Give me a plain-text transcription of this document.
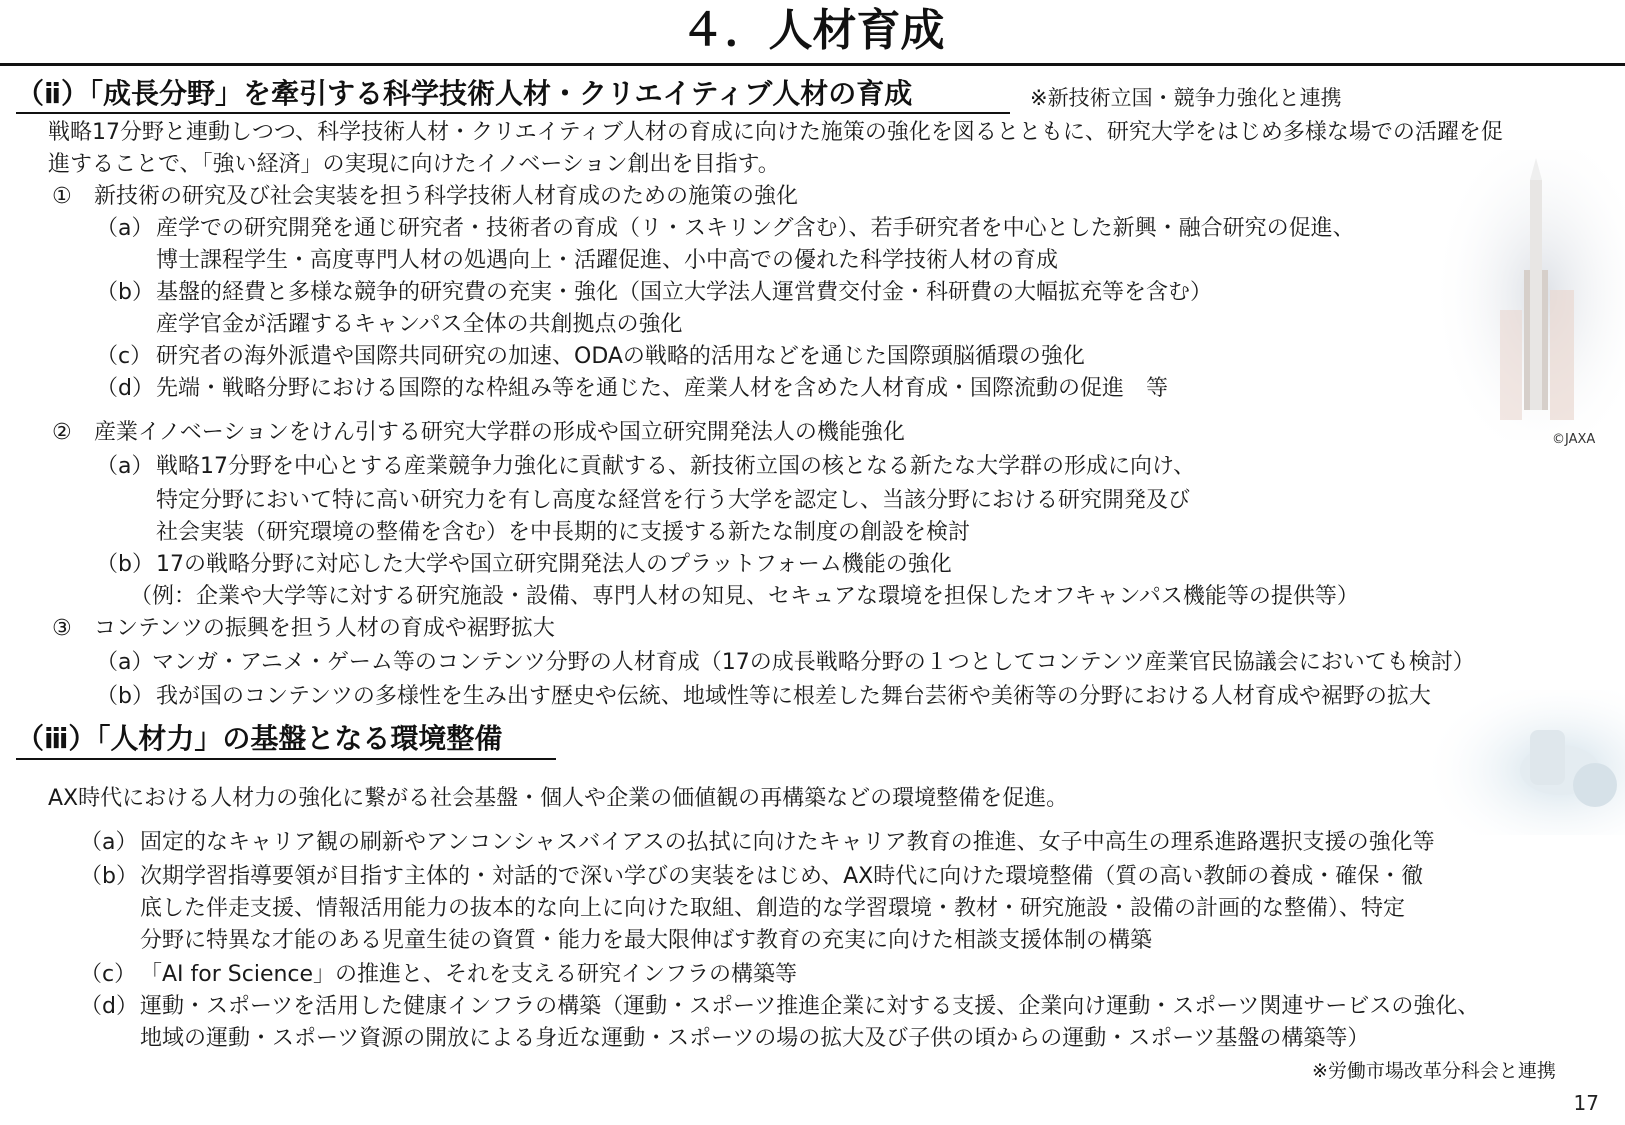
４．人材育成
（ⅱ）「成長分野」を牽引する科学技術人材・クリエイティブ人材の育成	※新技術立国・競争力強化と連携
戦略17分野と連動しつつ、科学技術人材・クリエイティブ人材の育成に向けた施策の強化を図るとともに、研究大学をはじめ多様な場での活躍を促
進することで、「強い経済」の実現に向けたイノベーション創出を目指す。
① 新技術の研究及び社会実装を担う科学技術人材育成のための施策の強化
（a） 産学での研究開発を通じ研究者・技術者の育成（リ・スキリング含む）、若手研究者を中心とした新興・融合研究の促進、
博士課程学生・高度専門人材の処遇向上・活躍促進、小中高での優れた科学技術人材の育成
（b）基盤的経費と多様な競争的研究費の充実・強化（国立大学法人運営費交付金・科研費の大幅拡充等を含む）
産学官金が活躍するキャンパス全体の共創拠点の強化
（c） 研究者の海外派遣や国際共同研究の加速、ODAの戦略的活用などを通じた国際頭脳循環の強化
（d）先端・戦略分野における国際的な枠組み等を通じた、産業人材を含めた人材育成・国際流動の促進　等
② 産業イノベーションをけん引する研究大学群の形成や国立研究開発法人の機能強化	©JAXA
（a） 戦略17分野を中心とする産業競争力強化に貢献する、新技術立国の核となる新たな大学群の形成に向け、
特定分野において特に高い研究力を有し高度な経営を行う大学を認定し、当該分野における研究開発及び
社会実装（研究環境の整備を含む）を中長期的に支援する新たな制度の創設を検討
（b）17の戦略分野に対応した大学や国立研究開発法人のプラットフォーム機能の強化
（例：企業や大学等に対する研究施設・設備、専門人材の知見、セキュアな環境を担保したオフキャンパス機能等の提供等）
③ コンテンツの振興を担う人材の育成や裾野拡大
（a）マンガ・アニメ・ゲーム等のコンテンツ分野の人材育成（17の成長戦略分野の１つとしてコンテンツ産業官民協議会においても検討）
（b）我が国のコンテンツの多様性を生み出す歴史や伝統、地域性等に根差した舞台芸術や美術等の分野における人材育成や裾野の拡大
（ⅲ）「人材力」の基盤となる環境整備
AX時代における人材力の強化に繋がる社会基盤・個人や企業の価値観の再構築などの環境整備を促進。
（a） 固定的なキャリア観の刷新やアンコンシャスバイアスの払拭に向けたキャリア教育の推進、女子中高生の理系進路選択支援の強化等
（b）次期学習指導要領が目指す主体的・対話的で深い学びの実装をはじめ、AX時代に向けた環境整備（質の高い教師の養成・確保・徹
底した伴走支援、情報活用能力の抜本的な向上に向けた取組、創造的な学習環境・教材・研究施設・設備の計画的な整備）、特定
分野に特異な才能のある児童生徒の資質・能力を最大限伸ばす教育の充実に向けた相談支援体制の構築
（c） 「AI for Science」の推進と、それを支える研究インフラの構築等
（d）運動・スポーツを活用した健康インフラの構築（運動・スポーツ推進企業に対する支援、企業向け運動・スポーツ関連サービスの強化、
地域の運動・スポーツ資源の開放による身近な運動・スポーツの場の拡大及び子供の頃からの運動・スポーツ基盤の構築等）
※労働市場改革分科会と連携
17
